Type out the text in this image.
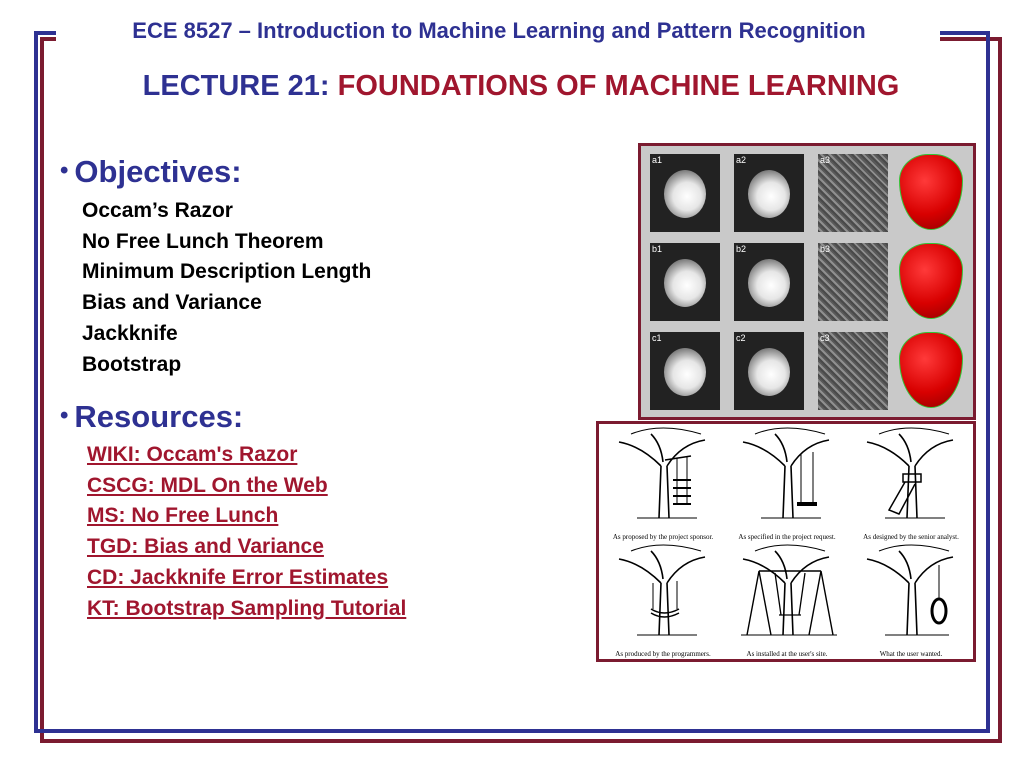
ECE 8527 – Introduction to Machine Learning and Pattern Recognition
LECTURE 21: FOUNDATIONS OF MACHINE LEARNING
• Objectives:
Occam’s Razor
No Free Lunch Theorem
Minimum Description Length
Bias and Variance
Jackknife
Bootstrap
• Resources:
WIKI: Occam's Razor
CSCG: MDL On the Web
MS: No Free Lunch
TGD: Bias and Variance
CD: Jackknife Error Estimates
KT: Bootstrap Sampling Tutorial
a1	a2	a3
b1	b2	b3
c1	c2	c3
As proposed by the project sponsor.	As specified in the project request.	As designed by the senior analyst.
As produced by the programmers.	As installed at the user's site.	What the user wanted.
